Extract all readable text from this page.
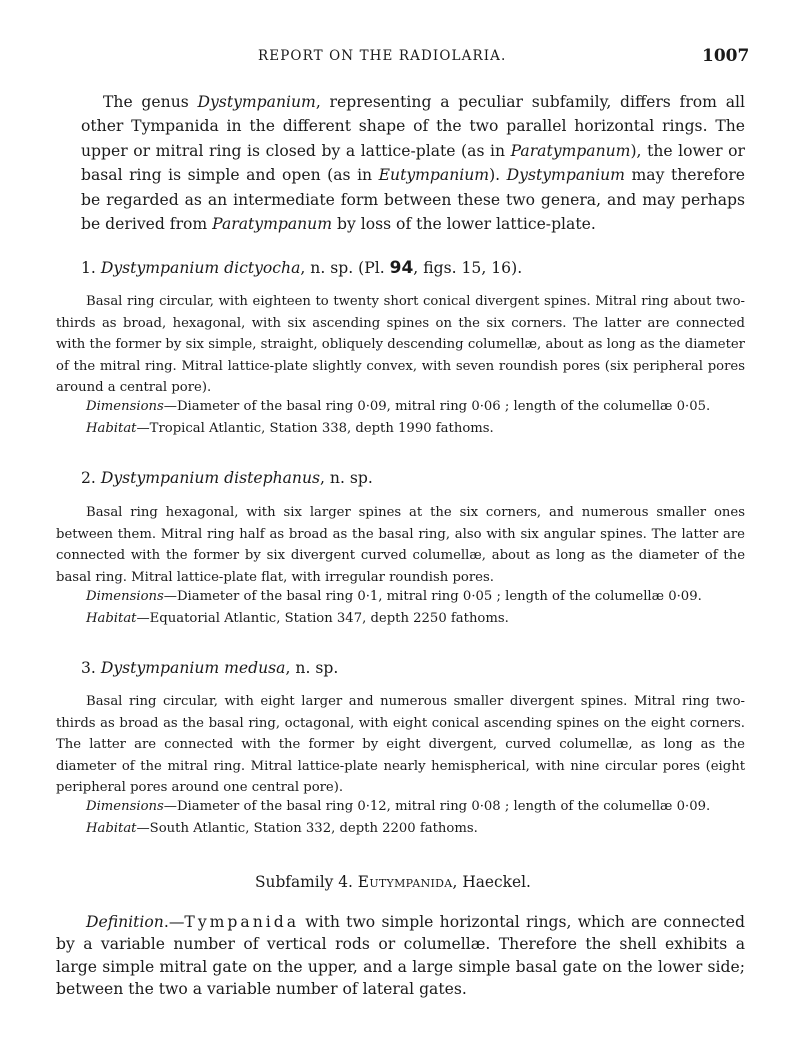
REPORT ON THE RADIOLARIA.	1007

The genus Dystympanium, representing a peculiar subfamily, differs from all other Tympanida in the different shape of the two parallel horizontal rings. The upper or mitral ring is closed by a lattice-plate (as in Paratympanum), the lower or basal ring is simple and open (as in Eutympanium). Dystympanium may therefore be regarded as an intermediate form between these two genera, and may perhaps be derived from Paratympanum by loss of the lower lattice-plate.

1. Dystympanium dictyocha, n. sp. (Pl. 94, figs. 15, 16).

Basal ring circular, with eighteen to twenty short conical divergent spines. Mitral ring about two-thirds as broad, hexagonal, with six ascending spines on the six corners. The latter are connected with the former by six simple, straight, obliquely descending columellæ, about as long as the diameter of the mitral ring. Mitral lattice-plate slightly convex, with seven roundish pores (six peripheral pores around a central pore).

Dimensions—Diameter of the basal ring 0·09, mitral ring 0·06 ; length of the columellæ 0·05.

Habitat—Tropical Atlantic, Station 338, depth 1990 fathoms.

2. Dystympanium distephanus, n. sp.

Basal ring hexagonal, with six larger spines at the six corners, and numerous smaller ones between them. Mitral ring half as broad as the basal ring, also with six angular spines. The latter are connected with the former by six divergent curved columellæ, about as long as the diameter of the basal ring. Mitral lattice-plate flat, with irregular roundish pores.

Dimensions—Diameter of the basal ring 0·1, mitral ring 0·05 ; length of the columellæ 0·09.

Habitat—Equatorial Atlantic, Station 347, depth 2250 fathoms.

3. Dystympanium medusa, n. sp.

Basal ring circular, with eight larger and numerous smaller divergent spines. Mitral ring two-thirds as broad as the basal ring, octagonal, with eight conical ascending spines on the eight corners. The latter are connected with the former by eight divergent, curved columellæ, as long as the diameter of the mitral ring. Mitral lattice-plate nearly hemispherical, with nine circular pores (eight peripheral pores around one central pore).

Dimensions—Diameter of the basal ring 0·12, mitral ring 0·08 ; length of the columellæ 0·09.

Habitat—South Atlantic, Station 332, depth 2200 fathoms.

Subfamily 4. Eutympanida, Haeckel.

Definition.—Tympanida with two simple horizontal rings, which are connected by a variable number of vertical rods or columellæ. Therefore the shell exhibits a large simple mitral gate on the upper, and a large simple basal gate on the lower side; between the two a variable number of lateral gates.
